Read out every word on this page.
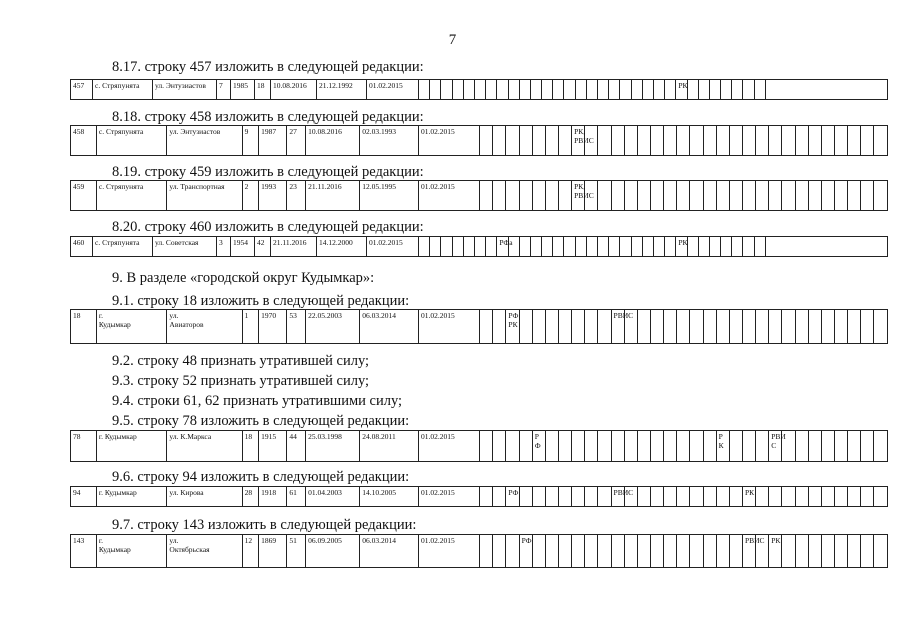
7
8.17. строку 457 изложить в следующей редакции:
457	с. Стряпунята	ул. Энтузиастов	7	1985	18	10.08.2016	21.12.1992	01.02.2015																								РК								
8.18. строку 458 изложить в следующей редакции:
458	с. Стряпунята	ул. Энтузиастов	9	1987	27	10.08.2016	02.03.1993	01.02.2015								РК,
РВИС																							
8.19. строку 459 изложить в следующей редакции:
459	с. Стряпунята	ул. Транспортная	2	1993	23	21.11.2016	12.05.1995	01.02.2015								РК,
РВИС																							
8.20. строку 460 изложить в следующей редакции:
460	с. Стряпунята	ул. Советская	3	1954	42	21.11.2016	14.12.2000	01.02.2015								РФа																РК								
9. В разделе «городской округ Кудымкар»:
9.1. строку 18 изложить в следующей редакции:
18	г.
Кудымкар	ул.
Авиаторов	1	1970	53	22.05.2003	06.03.2014	01.02.2015			РФ
РК								РВИС																				
9.2. строку 48 признать утратившей силу;
9.3. строку 52 признать утратившей силу;
9.4. строки 61, 62 признать утратившими силу;
9.5. строку 78 изложить в следующей редакции:
78	г. Кудымкар	ул. К.Маркса	18	1915	44	25.03.1998	24.08.2011	01.02.2015					Р
Ф														Р
К				РВИ
С								
9.6. строку 94 изложить в следующей редакции:
94	г. Кудымкар	ул. Кирова	28	1918	61	01.04.2003	14.10.2005	01.02.2015			РФ								РВИС										РК										
9.7. строку 143 изложить в следующей редакции:
143	г.
Кудымкар	ул.
Октябрьская	12	1869	51	06.09.2005	06.03.2014	01.02.2015				РФ																	РВИС		РК								
